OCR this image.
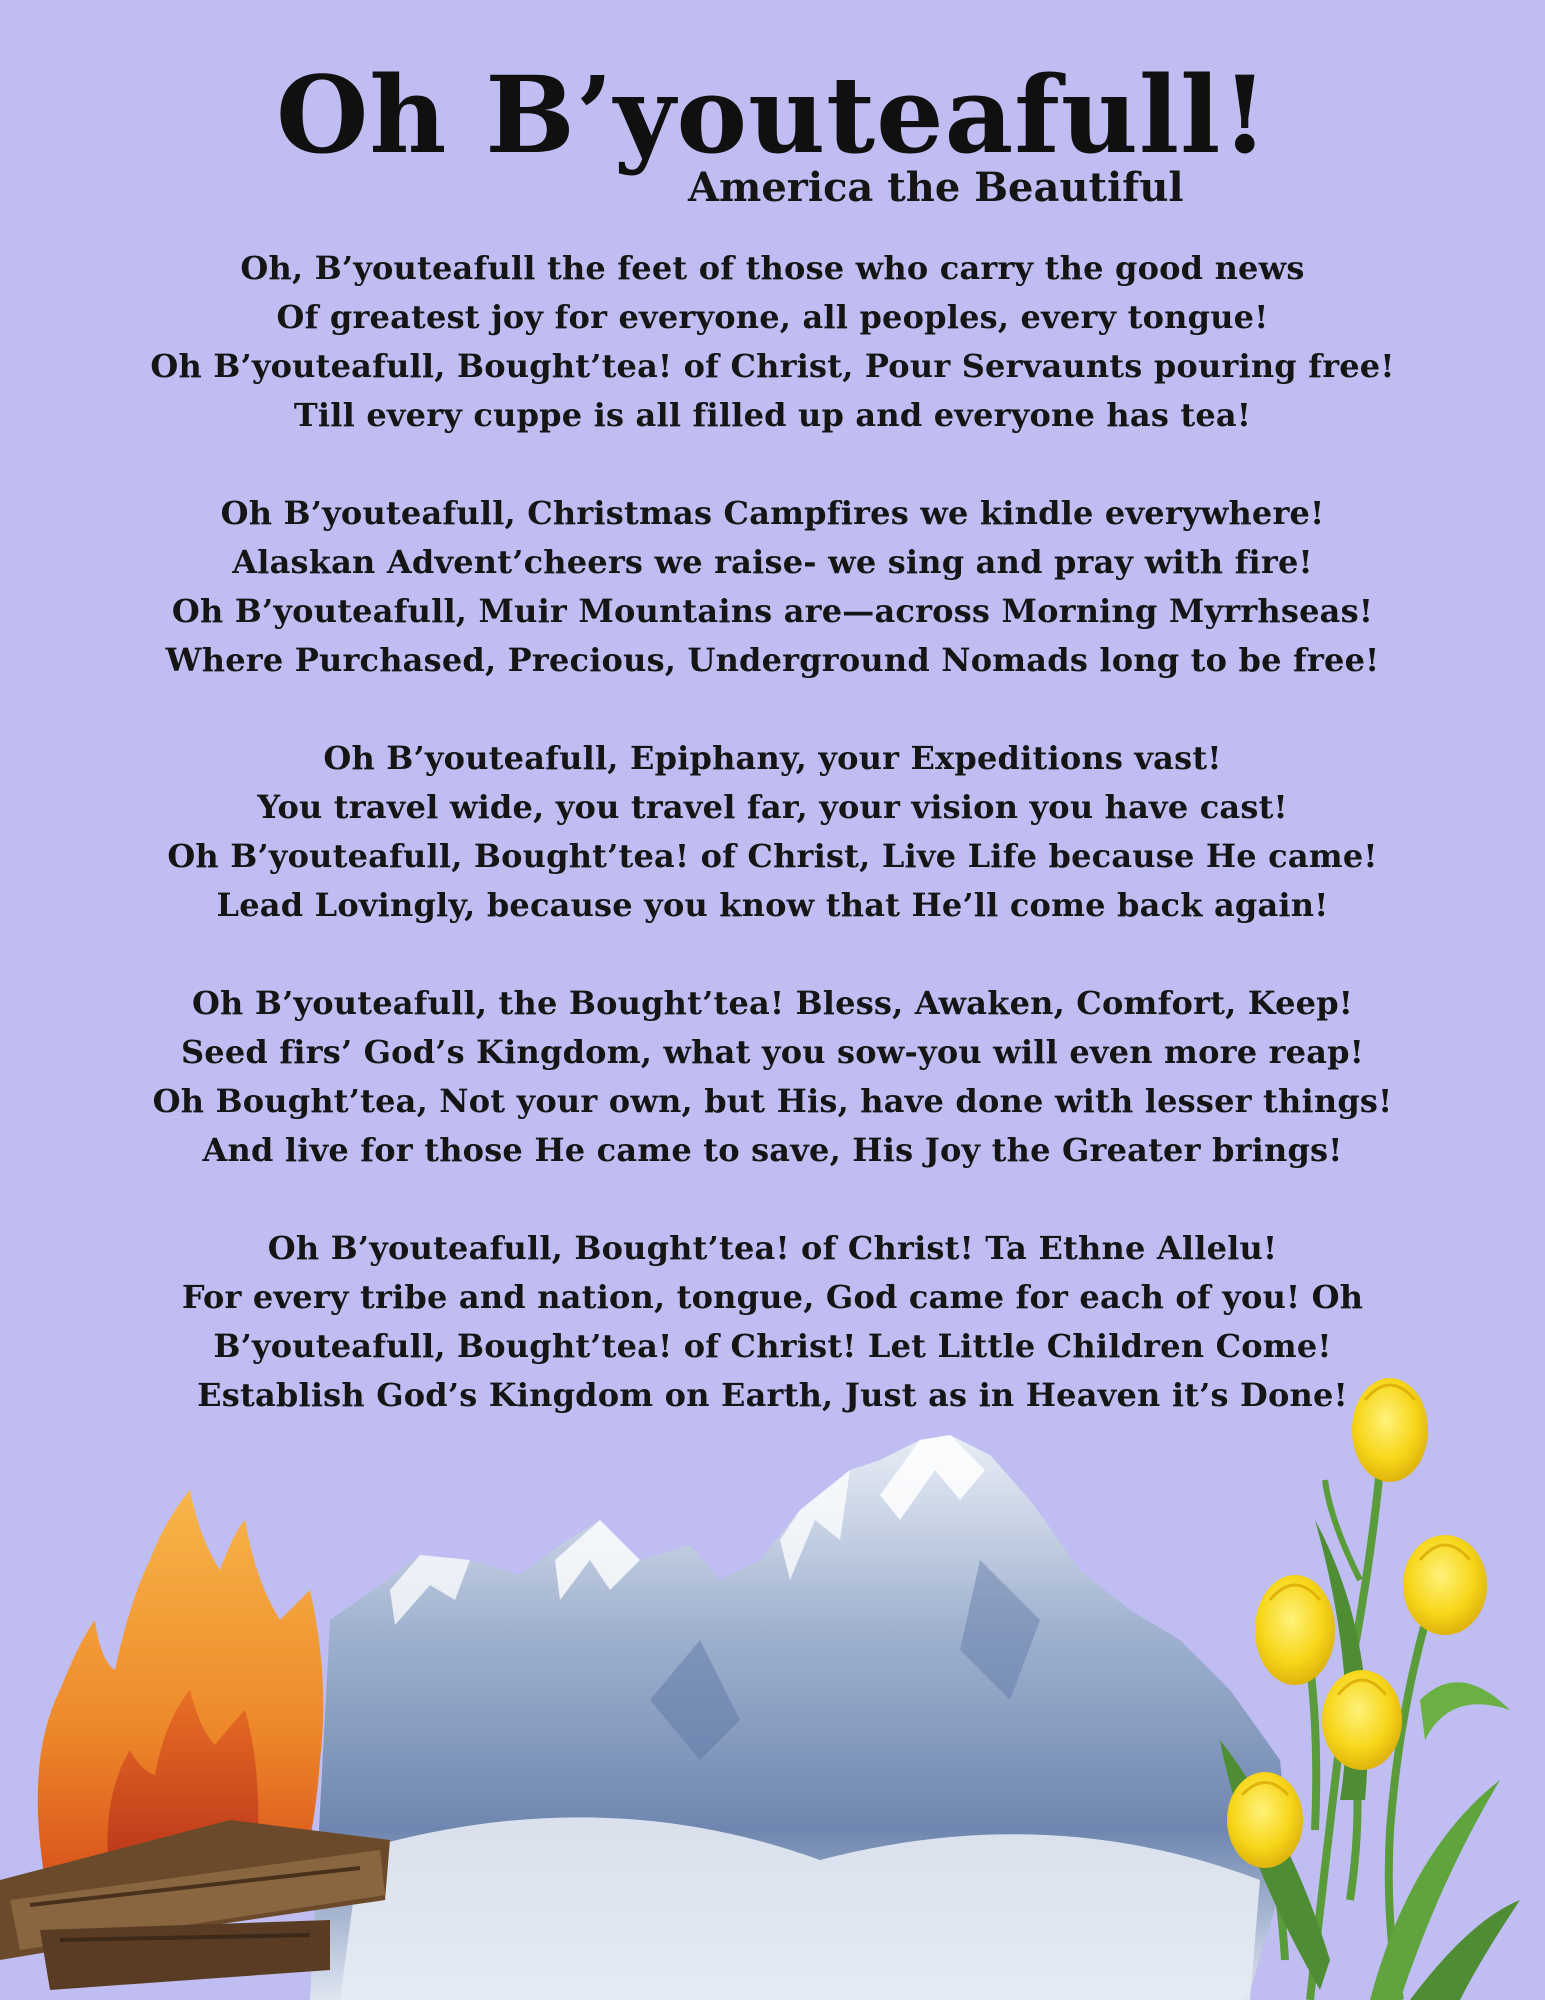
Oh B’youteafull!
America the Beautiful
Oh, B’youteafull the feet of those who carry the good news
Of greatest joy for everyone, all peoples, every tongue!
Oh B’youteafull, Bought’tea! of Christ, Pour Servaunts pouring free!
Till every cuppe is all filled up and everyone has tea!
Oh B’youteafull, Christmas Campfires we kindle everywhere!
Alaskan Advent’cheers we raise- we sing and pray with fire!
Oh B’youteafull, Muir Mountains are—across Morning Myrrhseas!
Where Purchased, Precious, Underground Nomads long to be free!
Oh B’youteafull, Epiphany, your Expeditions vast!
You travel wide, you travel far, your vision you have cast!
Oh B’youteafull, Bought’tea! of Christ, Live Life because He came!
Lead Lovingly, because you know that He’ll come back again!
Oh B’youteafull, the Bought’tea! Bless, Awaken, Comfort, Keep!
Seed firs’ God’s Kingdom, what you sow-you will even more reap!
Oh Bought’tea, Not your own, but His, have done with lesser things!
And live for those He came to save, His Joy the Greater brings!
Oh B’youteafull, Bought’tea! of Christ! Ta Ethne Allelu!
For every tribe and nation, tongue, God came for each of you! Oh
B’youteafull, Bought’tea! of Christ! Let Little Children Come!
Establish God’s Kingdom on Earth, Just as in Heaven it’s Done!
